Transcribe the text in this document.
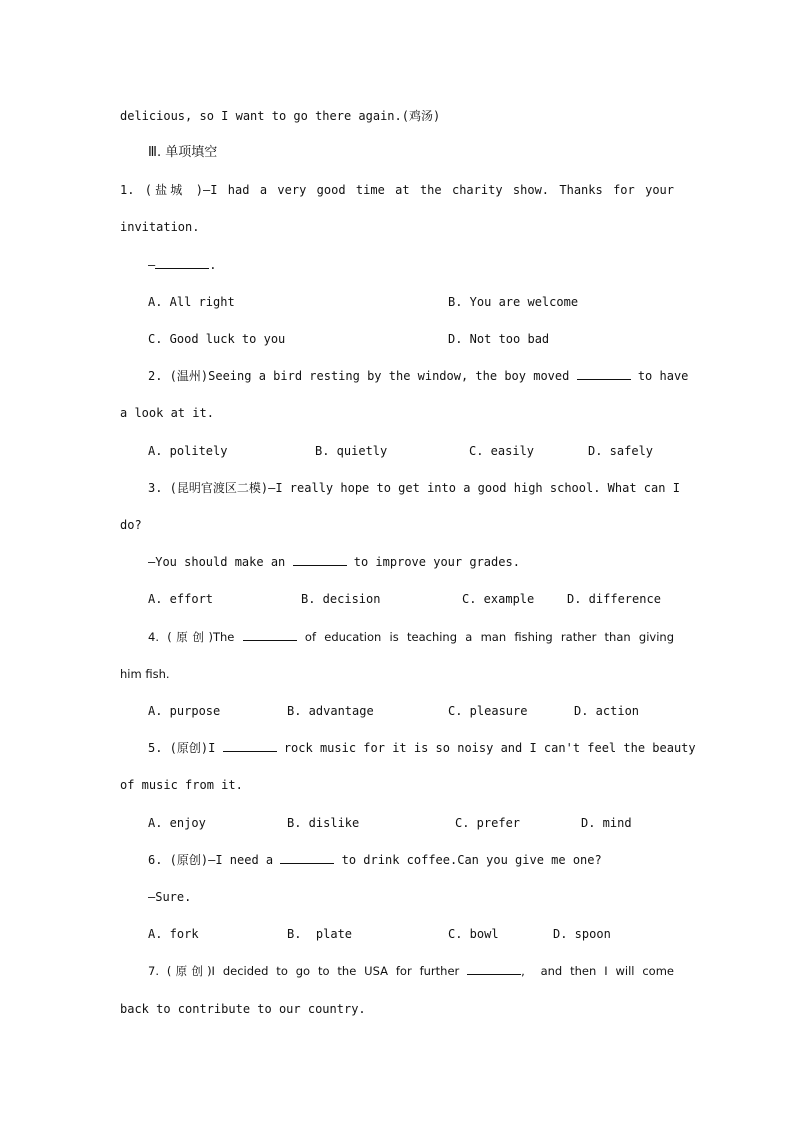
delicious, so I want to go there again.(鸡汤)
Ⅲ. 单项填空
1. (盐城 )—I had a very good time at the charity show. Thanks for your
invitation.
—	.
A. All right	B. You are welcome
C. Good luck to you	D. Not too bad
2. (温州)Seeing a bird resting by the window, the boy moved	to have
a look at it.
A. politely	B. quietly	C. easily	D. safely
3. (昆明官渡区二模)—I really hope to get into a good high school. What can I
do?
—You should make an	to improve your grades.
A. effort	B. decision	C. example	D. difference
4. (原创)The	of education is teaching a man fishing rather than giving
him fish.
A. purpose	B. advantage	C. pleasure	D. action
5. (原创)I	rock music for it is so noisy and I can't feel the beauty
of music from it.
A. enjoy	B. dislike	C. prefer	D. mind
6. (原创)—I need a	to drink coffee.Can you give me one?
—Sure.
A. fork	B.  plate	C. bowl	D. spoon
7. (原创)I decided to go to the USA for further	,  and then I will come
back to contribute to our country.
